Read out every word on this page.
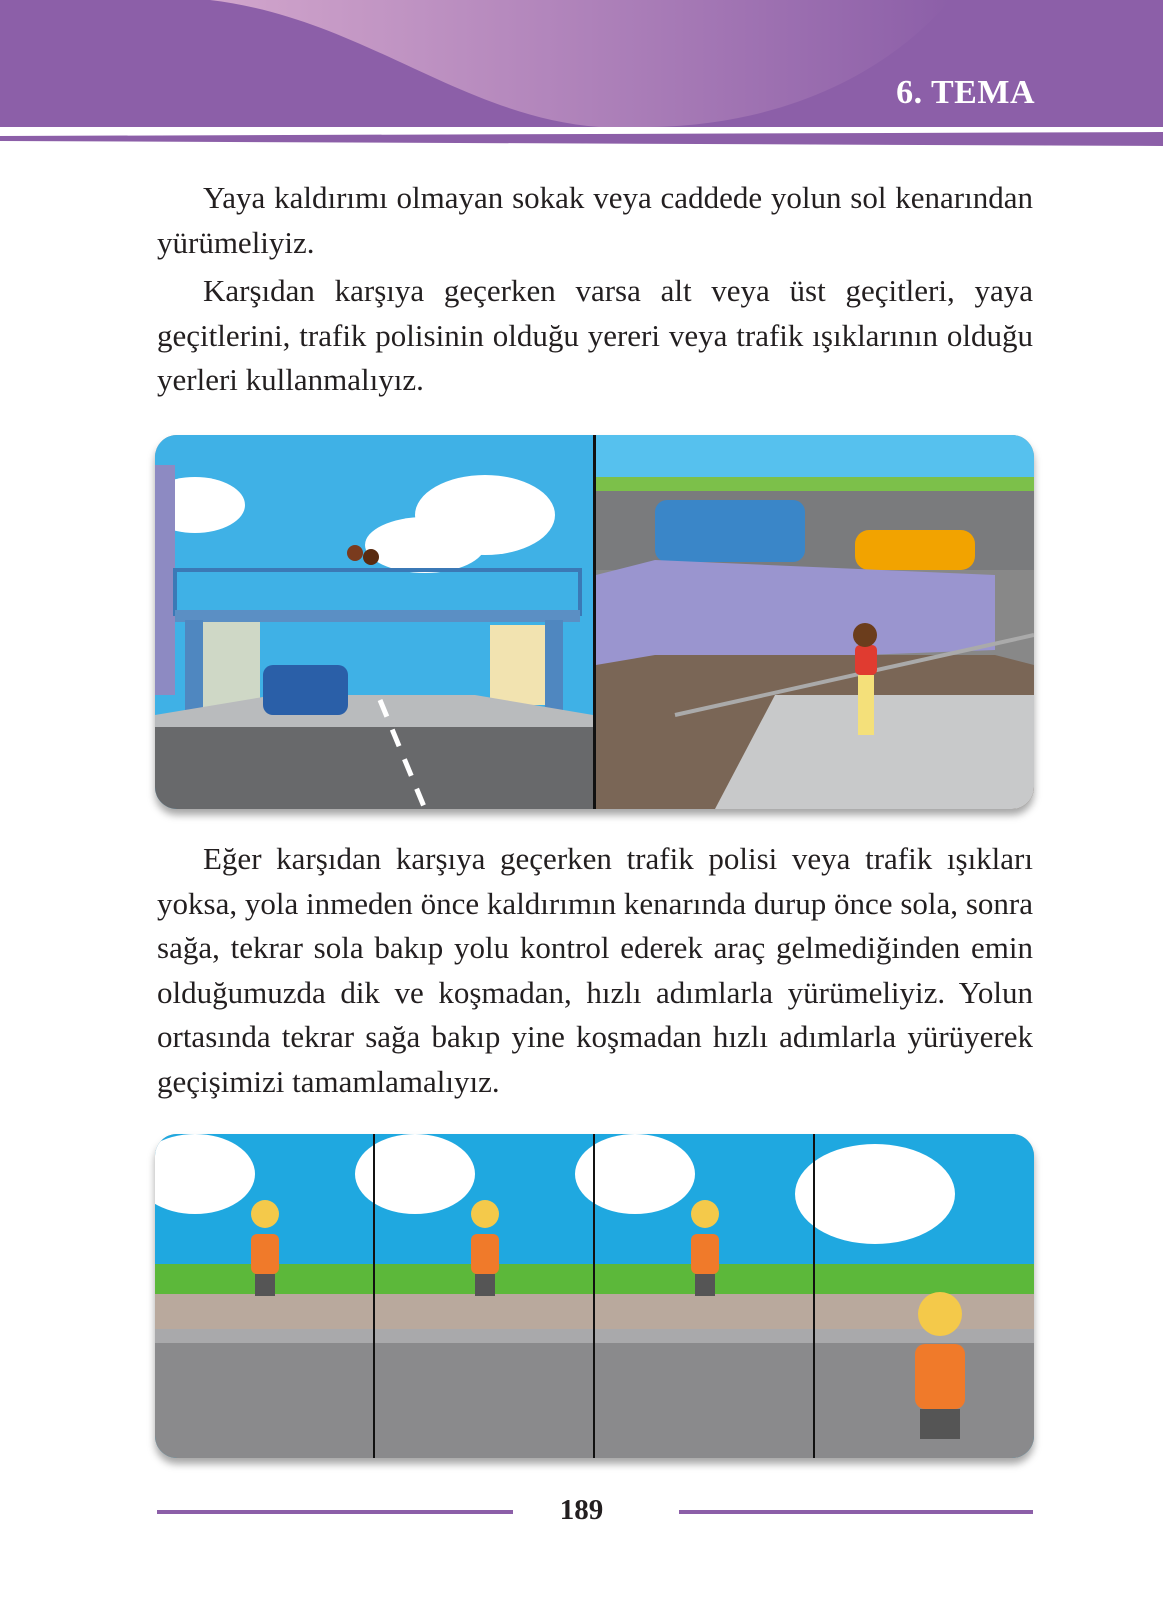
6. TEMA

Yaya kaldırımı olmayan sokak veya caddede yolun sol kenarından yürümeliyiz.

Karşıdan karşıya geçerken varsa alt veya üst geçitleri, yaya geçitlerini, trafik polisinin olduğu yereri veya trafik ışıklarının olduğu yerleri kullanmalıyız.

Eğer karşıdan karşıya geçerken trafik polisi veya trafik ışıkları yoksa, yola inmeden önce kaldırımın kenarında durup önce sola, sonra sağa, tekrar sola bakıp yolu kontrol ederek araç gelmediğinden emin olduğumuzda dik ve koşmadan, hızlı adımlarla yürümeliyiz. Yolun ortasında tekrar sağa bakıp yine koşmadan hızlı adımlarla yürüyerek geçişimizi tamamlamalıyız.

189
